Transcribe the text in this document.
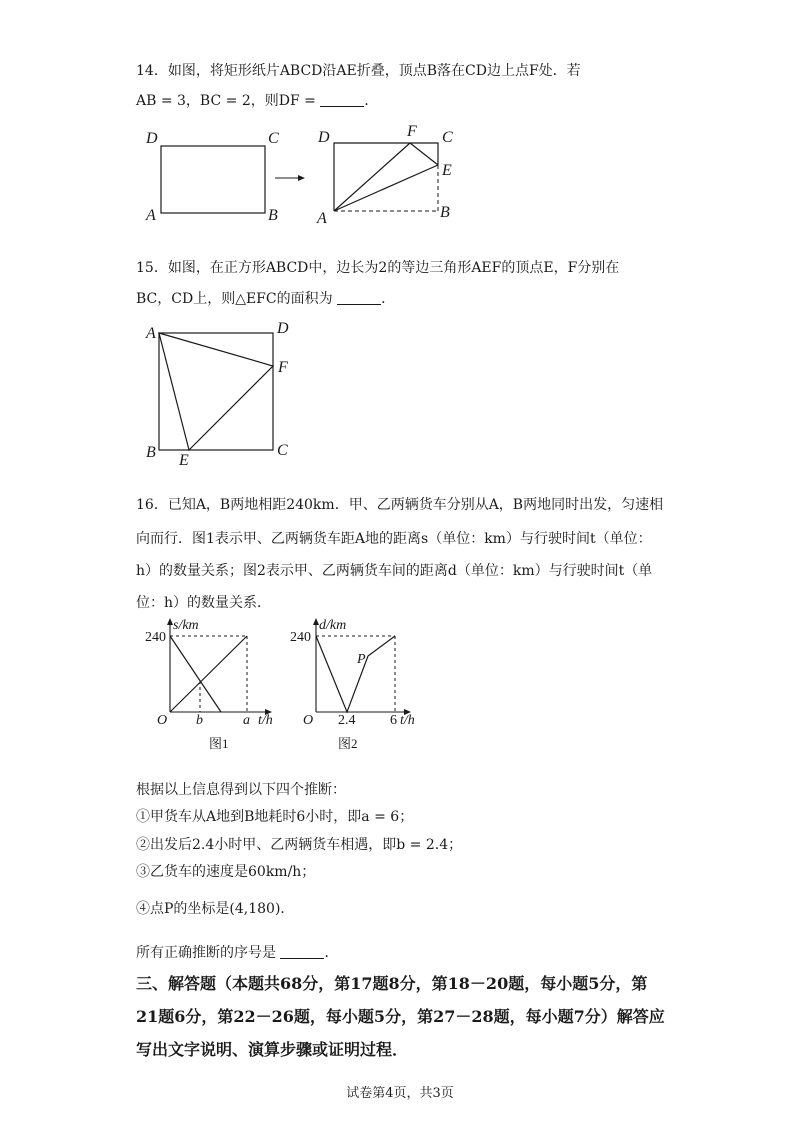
14．如图，将矩形纸片ABCD沿AE折叠，顶点B落在CD边上点F处．若
AB = 3，BC = 2，则DF =	．
D	C
A	B
D	F C
E
A	B
15．如图，在正方形ABCD中，边长为2的等边三角形AEF的顶点E，F分别在
BC，CD上，则△EFC的面积为	．
A	D
F
B E
C
16．已知A，B两地相距240km．甲、乙两辆货车分别从A，B两地同时出发，匀速相
向而行．图1表示甲、乙两辆货车距A地的距离s（单位：km）与行驶时间t（单位：
h）的数量关系；图2表示甲、乙两辆货车间的距离d（单位：km）与行驶时间t（单
位：h）的数量关系．
240
s/km
O b	a t/h
图1
240
d/km
P
O 2.4 6 t/h
图2
根据以上信息得到以下四个推断：
①甲货车从A地到B地耗时6小时，即a = 6；
②出发后2.4小时甲、乙两辆货车相遇，即b = 2.4；
③乙货车的速度是60km/h；
④点P的坐标是(4,180)．
所有正确推断的序号是	．
三、解答题（本题共68分，第17题8分，第18－20题，每小题5分，第
21题6分，第22－26题，每小题5分，第27－28题，每小题7分）解答应
写出文字说明、演算步骤或证明过程．
试卷第4页，共3页
